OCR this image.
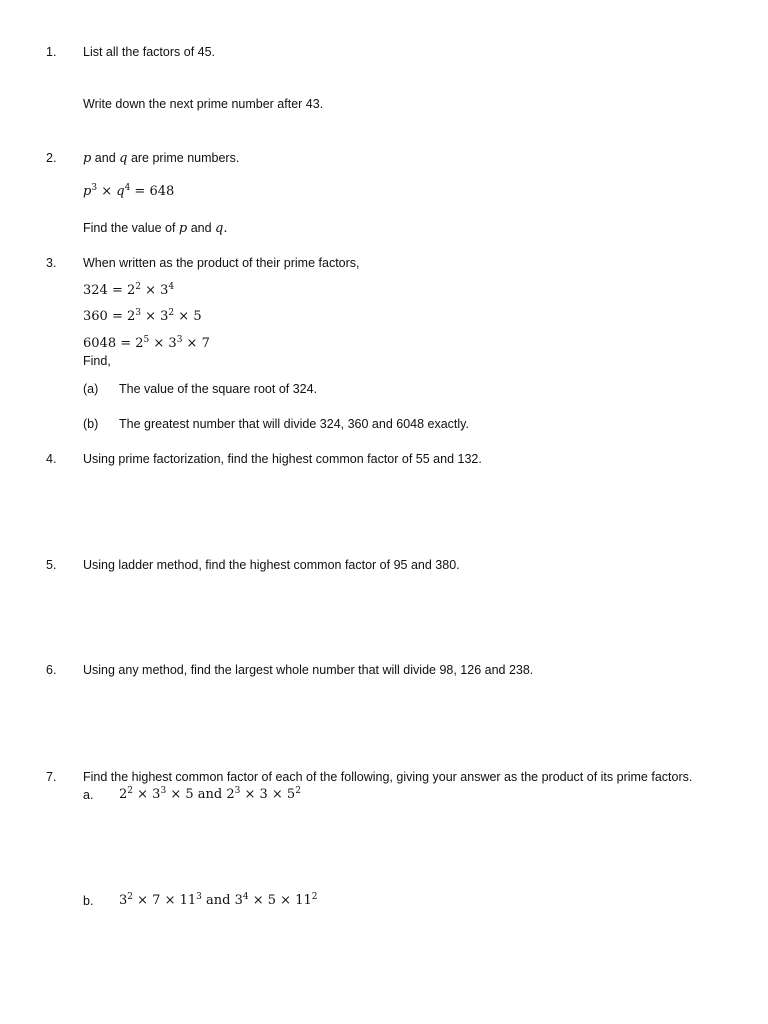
1. List all the factors of 45.
Write down the next prime number after 43.
2. p and q are prime numbers.
$p^3 \times q^4 = 648$
Find the value of p and q.
3. When written as the product of their prime factors,
$324 = 2^2 \times 3^4$
$360 = 2^3 \times 3^2 \times 5$
$6048 = 2^5 \times 3^3 \times 7$
Find,
(a) The value of the square root of 324.
(b) The greatest number that will divide 324, 360 and 6048 exactly.
4. Using prime factorization, find the highest common factor of 55 and 132.
5. Using ladder method, find the highest common factor of 95 and 380.
6. Using any method, find the largest whole number that will divide 98, 126 and 238.
7. Find the highest common factor of each of the following, giving your answer as the product of its prime factors.
a. $2^2 \times 3^3 \times 5$ and $2^3 \times 3 \times 5^2$
b. $3^2 \times 7 \times 11^3$ and $3^4 \times 5 \times 11^2$
